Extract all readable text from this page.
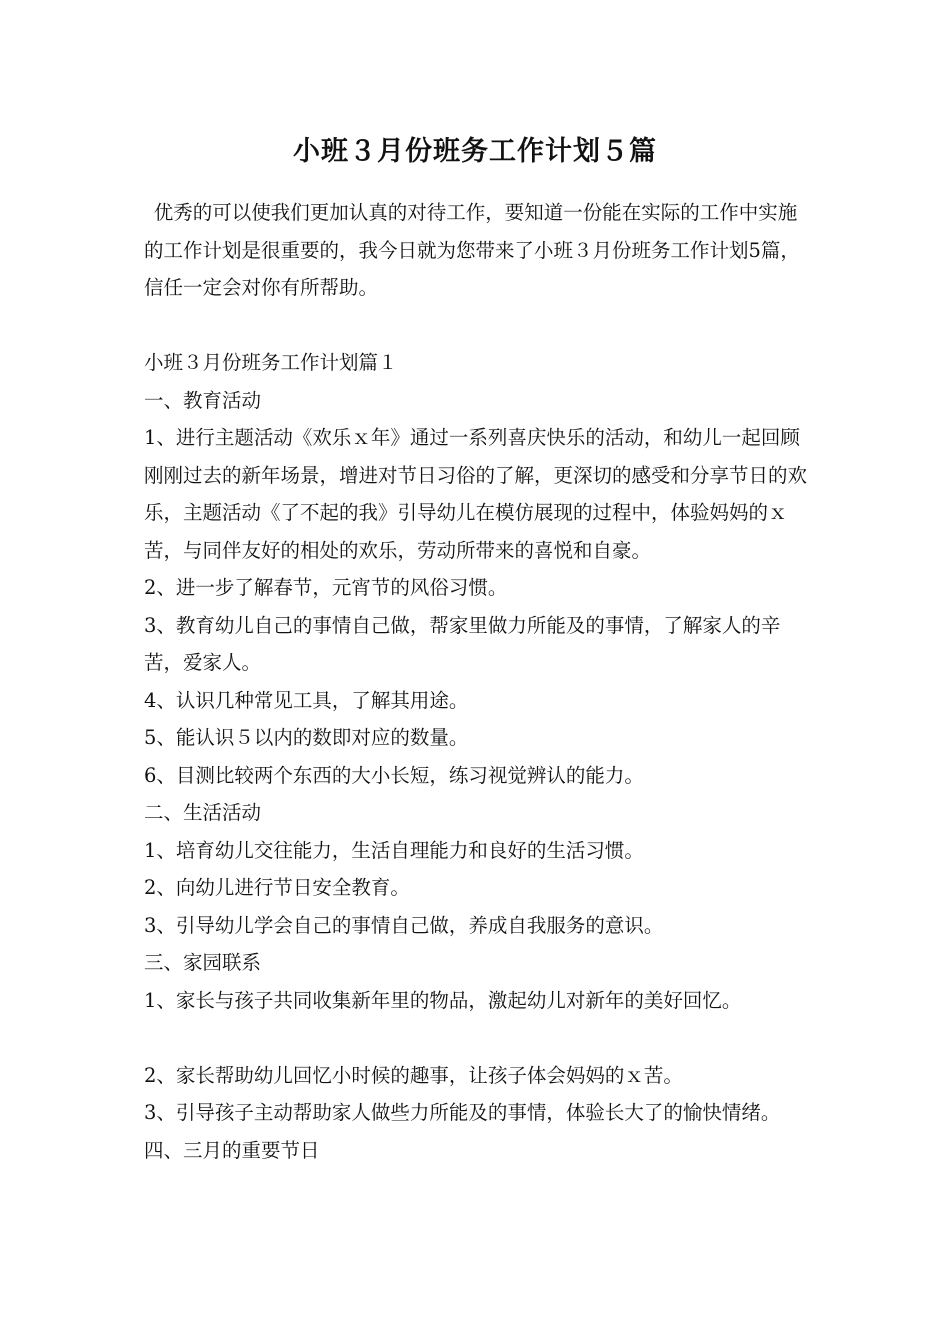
小班３月份班务工作计划５篇

优秀的可以使我们更加认真的对待工作，要知道一份能在实际的工作中实施的工作计划是很重要的，我今日就为您带来了小班３月份班务工作计划5篇，信任一定会对你有所帮助。

小班３月份班务工作计划篇１

一、教育活动

1、进行主题活动《欢乐ｘ年》通过一系列喜庆快乐的活动，和幼儿一起回顾刚刚过去的新年场景，增进对节日习俗的了解，更深切的感受和分享节日的欢乐，主题活动《了不起的我》引导幼儿在模仿展现的过程中，体验妈妈的ｘ苦，与同伴友好的相处的欢乐，劳动所带来的喜悦和自豪。

2、进一步了解春节，元宵节的风俗习惯。

3、教育幼儿自己的事情自己做，帮家里做力所能及的事情，了解家人的辛苦，爱家人。

4、认识几种常见工具，了解其用途。

5、能认识５以内的数即对应的数量。

6、目测比较两个东西的大小长短，练习视觉辨认的能力。

二、生活活动

1、培育幼儿交往能力，生活自理能力和良好的生活习惯。

2、向幼儿进行节日安全教育。

3、引导幼儿学会自己的事情自己做，养成自我服务的意识。

三、家园联系

1、家长与孩子共同收集新年里的物品，激起幼儿对新年的美好回忆。

2、家长帮助幼儿回忆小时候的趣事，让孩子体会妈妈的ｘ苦。

3、引导孩子主动帮助家人做些力所能及的事情，体验长大了的愉快情绪。

四、三月的重要节日
